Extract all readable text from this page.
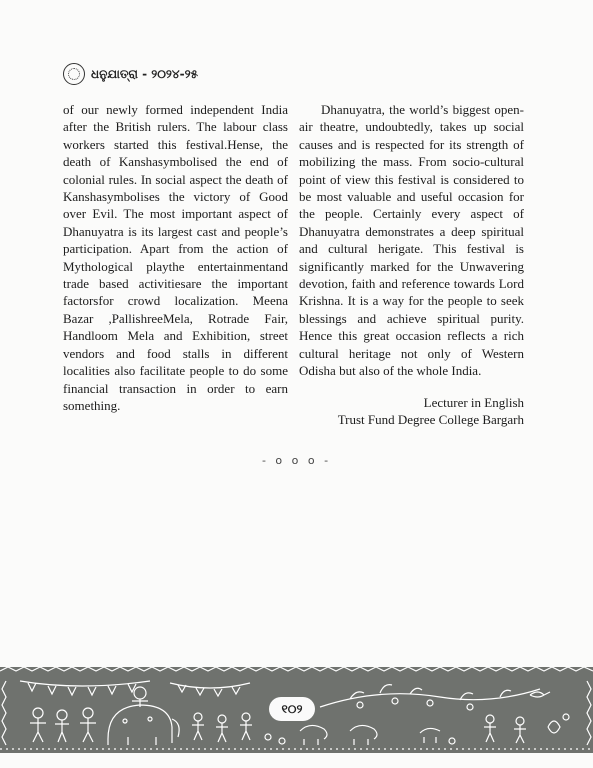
ଧନୁଯାତ୍ରା - ୨୦୨୪-୨୫

of our newly formed independent India after the British rulers. The labour class workers started this festival.Hense, the death of Kanshasymbolised the end of colonial rules. In social aspect the death of Kanshasymbolises the victory of Good over Evil. The most important aspect of Dhanuyatra is its largest cast and people’s participation. Apart from the action of Mythological playthe entertainmentand trade based activitiesare the important factorsfor crowd localization. Meena Bazar ,PallishreeMela, Rotrade Fair, Handloom Mela and Exhibition, street vendors and food stalls in different localities also facilitate people to do some financial transaction in order to earn something.

Dhanuyatra, the world’s biggest open-air theatre, undoubtedly, takes up social causes and is respected for its strength of mobilizing the mass. From socio-cultural point of view this festival is considered to be most valuable and useful occasion for the people. Certainly every aspect of Dhanuyatra demonstrates a deep spiritual and cultural herigate. This festival is significantly marked for the Unwavering devotion, faith and reference towards Lord Krishna. It is a way for the people to seek blessings and achieve spiritual purity. Hence this great occasion reflects a rich cultural heritage not only of Western Odisha but also of the whole India.

Lecturer in English
Trust Fund Degree College Bargarh
- o o o -
୧୦୨
